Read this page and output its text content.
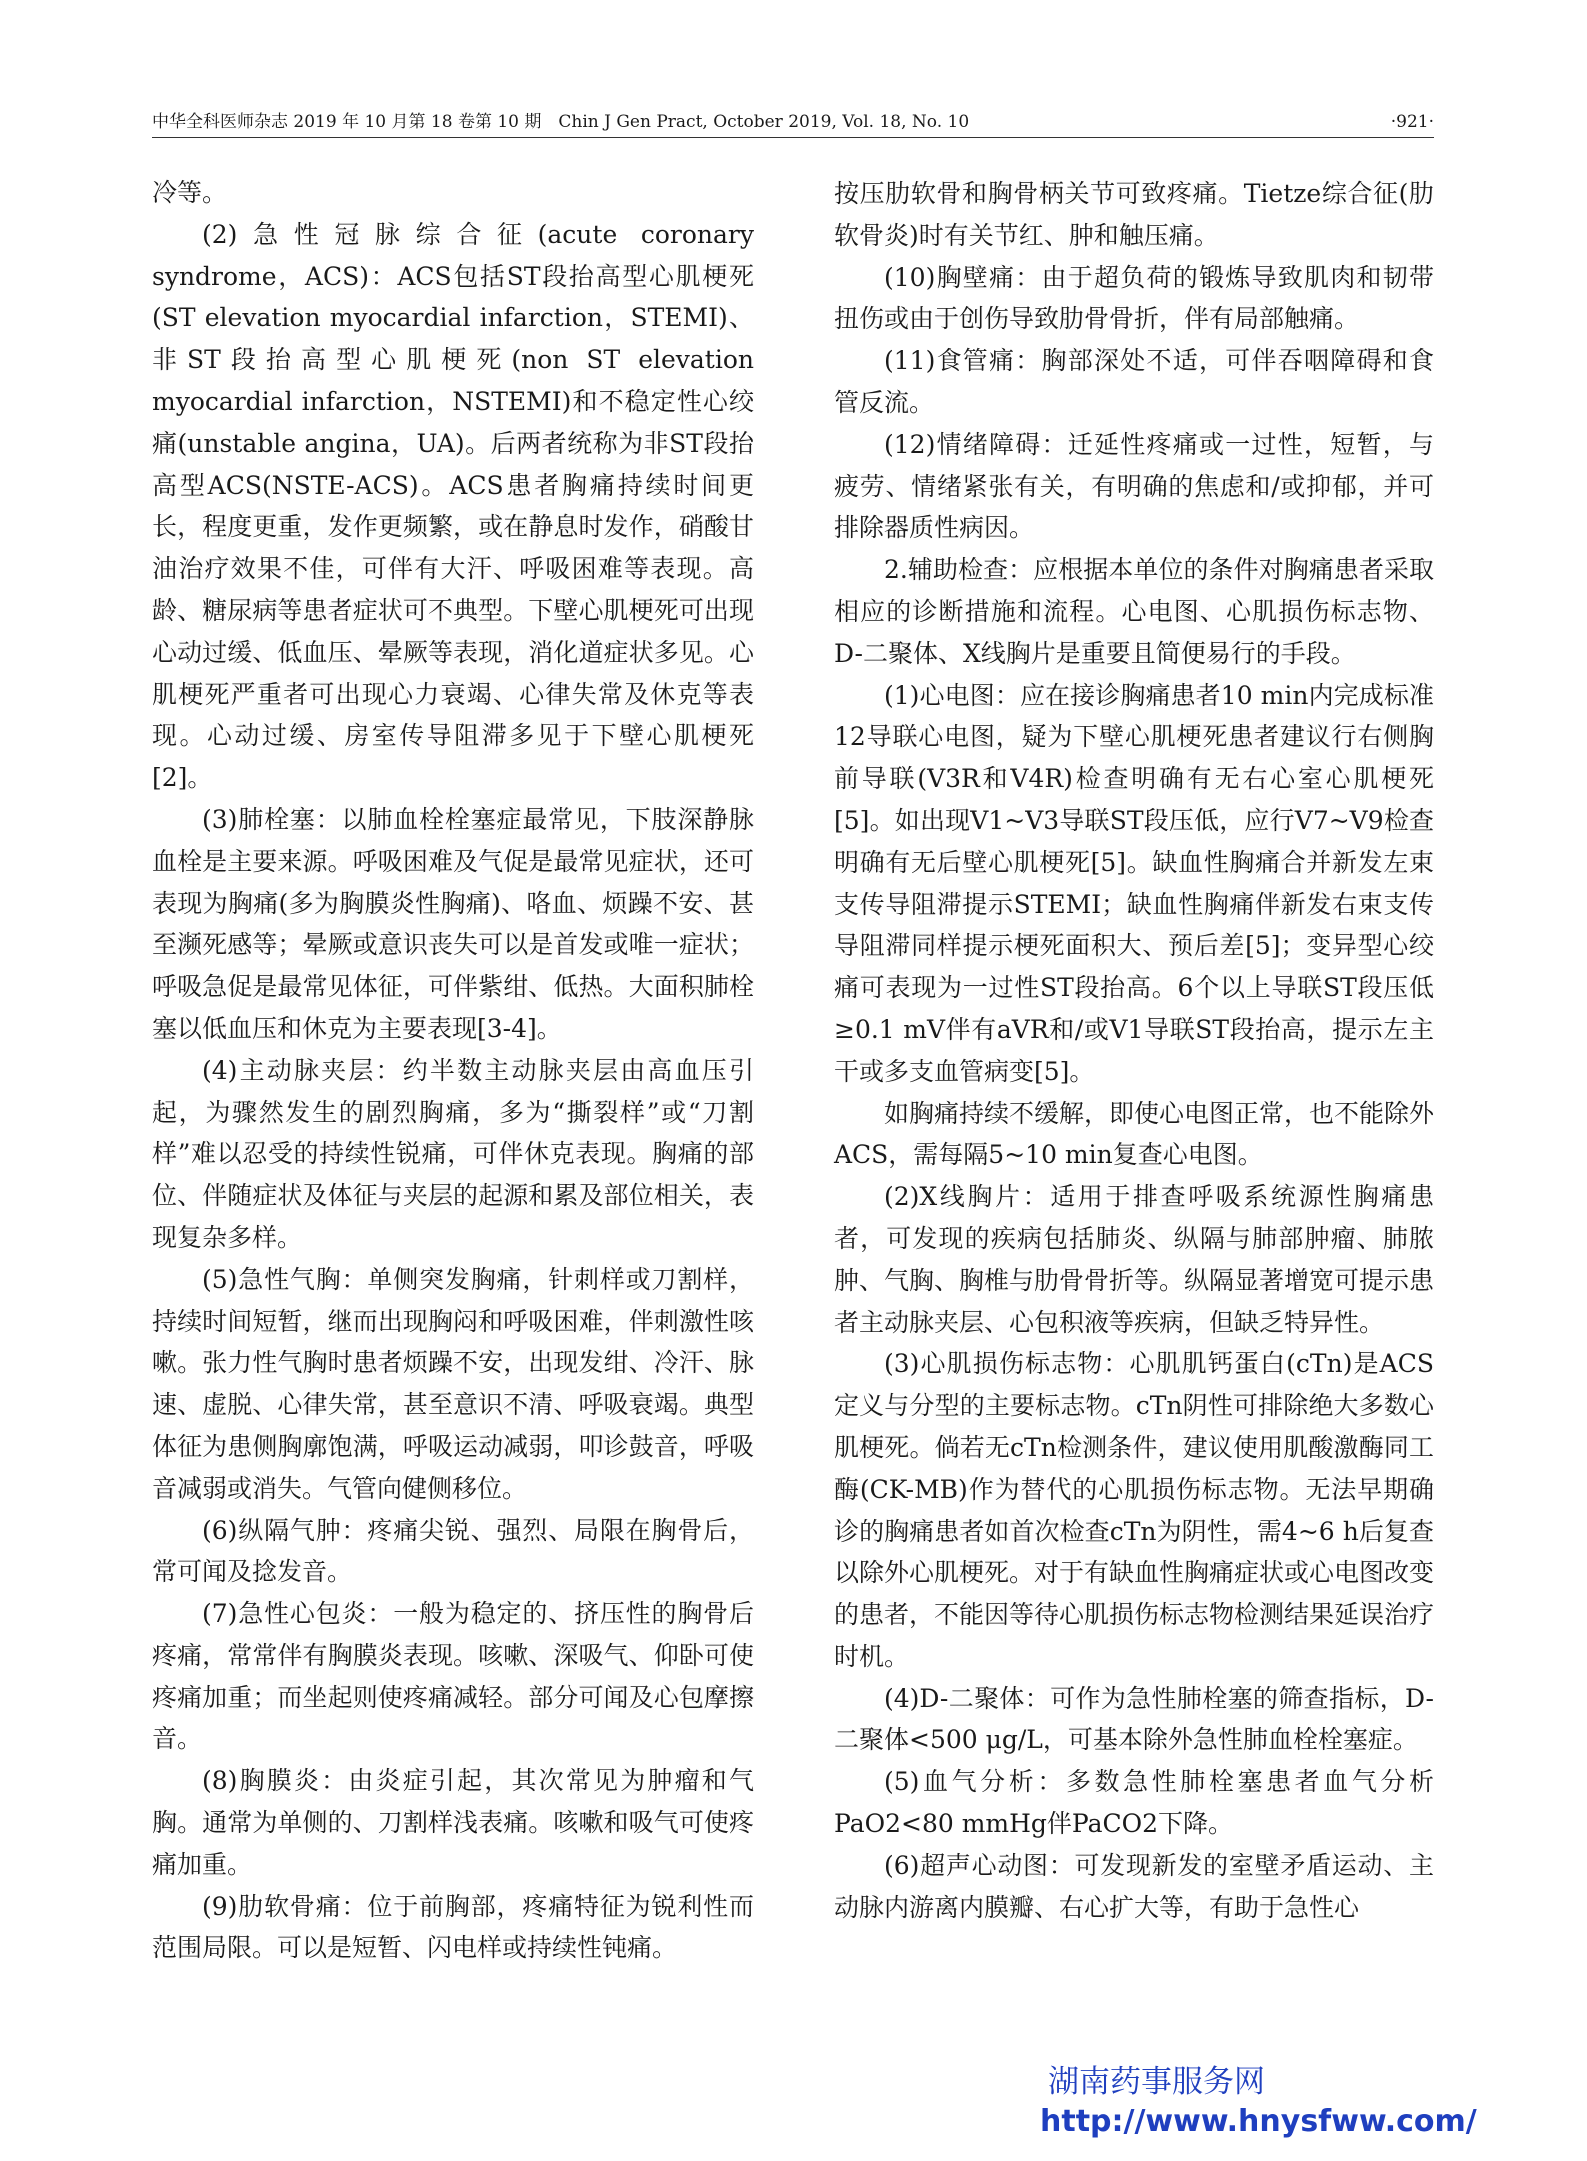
中华全科医师杂志 2019 年 10 月第 18 卷第 10 期　Chin J Gen Pract, October 2019, Vol. 18, No. 10	·921·

冷等。

(2)急性冠脉综合征(acute coronary syndrome，ACS)：ACS包括ST段抬高型心肌梗死(ST elevation myocardial infarction，STEMI)、非ST段抬高型心肌梗死(non ST elevation myocardial infarction，NSTEMI)和不稳定性心绞痛(unstable angina，UA)。后两者统称为非ST段抬高型ACS(NSTE-ACS)。ACS患者胸痛持续时间更长，程度更重，发作更频繁，或在静息时发作，硝酸甘油治疗效果不佳，可伴有大汗、呼吸困难等表现。高龄、糖尿病等患者症状可不典型。下壁心肌梗死可出现心动过缓、低血压、晕厥等表现，消化道症状多见。心肌梗死严重者可出现心力衰竭、心律失常及休克等表现。心动过缓、房室传导阻滞多见于下壁心肌梗死[2]。

(3)肺栓塞：以肺血栓栓塞症最常见，下肢深静脉血栓是主要来源。呼吸困难及气促是最常见症状，还可表现为胸痛(多为胸膜炎性胸痛)、咯血、烦躁不安、甚至濒死感等；晕厥或意识丧失可以是首发或唯一症状；呼吸急促是最常见体征，可伴紫绀、低热。大面积肺栓塞以低血压和休克为主要表现[3-4]。

(4)主动脉夹层：约半数主动脉夹层由高血压引起，为骤然发生的剧烈胸痛，多为“撕裂样”或“刀割样”难以忍受的持续性锐痛，可伴休克表现。胸痛的部位、伴随症状及体征与夹层的起源和累及部位相关，表现复杂多样。

(5)急性气胸：单侧突发胸痛，针刺样或刀割样，持续时间短暂，继而出现胸闷和呼吸困难，伴刺激性咳嗽。张力性气胸时患者烦躁不安，出现发绀、冷汗、脉速、虚脱、心律失常，甚至意识不清、呼吸衰竭。典型体征为患侧胸廓饱满，呼吸运动减弱，叩诊鼓音，呼吸音减弱或消失。气管向健侧移位。

(6)纵隔气肿：疼痛尖锐、强烈、局限在胸骨后，常可闻及捻发音。

(7)急性心包炎：一般为稳定的、挤压性的胸骨后疼痛，常常伴有胸膜炎表现。咳嗽、深吸气、仰卧可使疼痛加重；而坐起则使疼痛减轻。部分可闻及心包摩擦音。

(8)胸膜炎：由炎症引起，其次常见为肿瘤和气胸。通常为单侧的、刀割样浅表痛。咳嗽和吸气可使疼痛加重。

(9)肋软骨痛：位于前胸部，疼痛特征为锐利性而范围局限。可以是短暂、闪电样或持续性钝痛。

按压肋软骨和胸骨柄关节可致疼痛。Tietze综合征(肋软骨炎)时有关节红、肿和触压痛。

(10)胸壁痛：由于超负荷的锻炼导致肌肉和韧带扭伤或由于创伤导致肋骨骨折，伴有局部触痛。

(11)食管痛：胸部深处不适，可伴吞咽障碍和食管反流。

(12)情绪障碍：迁延性疼痛或一过性，短暂，与疲劳、情绪紧张有关，有明确的焦虑和/或抑郁，并可排除器质性病因。

2.辅助检查：应根据本单位的条件对胸痛患者采取相应的诊断措施和流程。心电图、心肌损伤标志物、D-二聚体、X线胸片是重要且简便易行的手段。

(1)心电图：应在接诊胸痛患者10 min内完成标准12导联心电图，疑为下壁心肌梗死患者建议行右侧胸前导联(V3R和V4R)检查明确有无右心室心肌梗死[5]。如出现V1~V3导联ST段压低，应行V7~V9检查明确有无后壁心肌梗死[5]。缺血性胸痛合并新发左束支传导阻滞提示STEMI；缺血性胸痛伴新发右束支传导阻滞同样提示梗死面积大、预后差[5]；变异型心绞痛可表现为一过性ST段抬高。6个以上导联ST段压低≥0.1 mV伴有aVR和/或V1导联ST段抬高，提示左主干或多支血管病变[5]。

如胸痛持续不缓解，即使心电图正常，也不能除外ACS，需每隔5~10 min复查心电图。

(2)X线胸片：适用于排查呼吸系统源性胸痛患者，可发现的疾病包括肺炎、纵隔与肺部肿瘤、肺脓肿、气胸、胸椎与肋骨骨折等。纵隔显著增宽可提示患者主动脉夹层、心包积液等疾病，但缺乏特异性。

(3)心肌损伤标志物：心肌肌钙蛋白(cTn)是ACS定义与分型的主要标志物。cTn阴性可排除绝大多数心肌梗死。倘若无cTn检测条件，建议使用肌酸激酶同工酶(CK-MB)作为替代的心肌损伤标志物。无法早期确诊的胸痛患者如首次检查cTn为阴性，需4~6 h后复查以除外心肌梗死。对于有缺血性胸痛症状或心电图改变的患者，不能因等待心肌损伤标志物检测结果延误治疗时机。

(4)D-二聚体：可作为急性肺栓塞的筛查指标，D-二聚体<500 μg/L，可基本除外急性肺血栓栓塞症。

(5)血气分析：多数急性肺栓塞患者血气分析PaO2<80 mmHg伴PaCO2下降。

(6)超声心动图：可发现新发的室壁矛盾运动、主动脉内游离内膜瓣、右心扩大等，有助于急性心

湖南药事服务网
http://www.hnysfww.com/
